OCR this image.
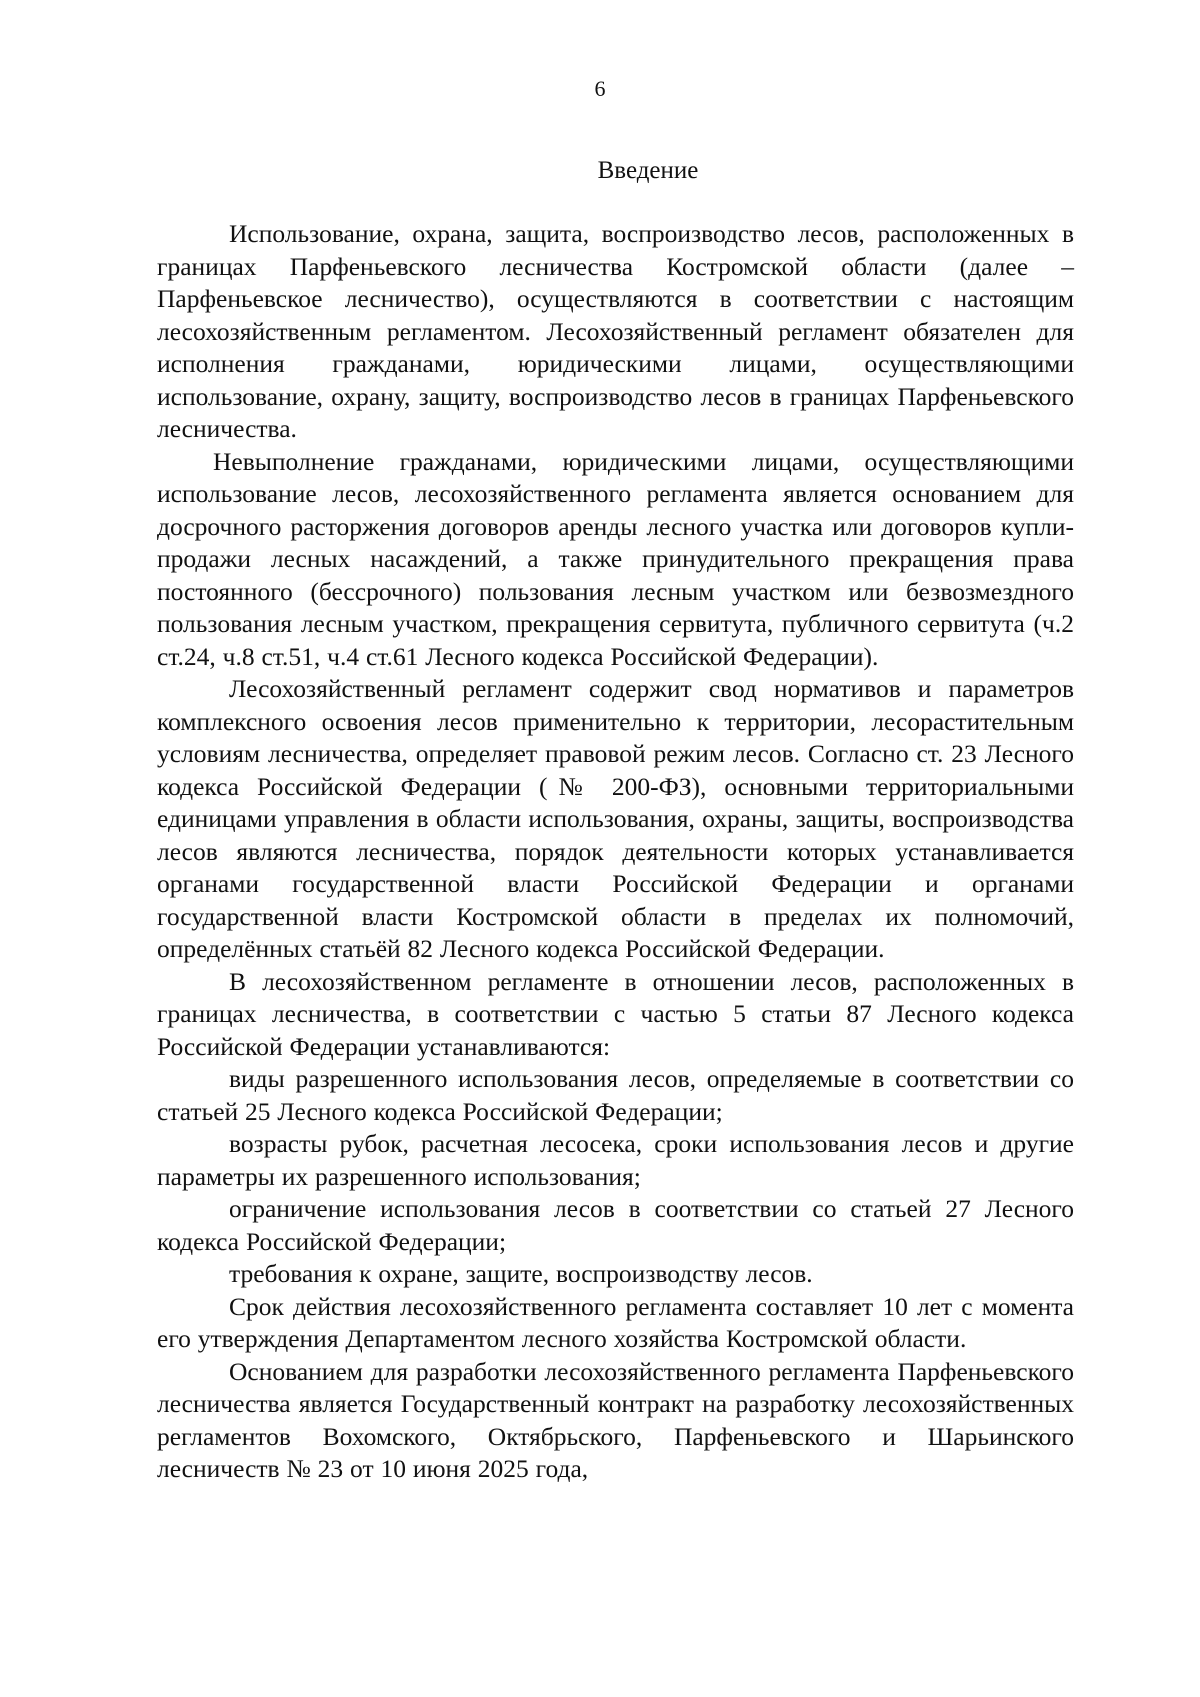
6
Введение

Использование, охрана, защита, воспроизводство лесов, расположенных в границах Парфеньевского лесничества Костромской области (далее – Парфеньевское лесничество), осуществляются в соответствии с настоящим лесохозяйственным регламентом. Лесохозяйственный регламент обязателен для исполнения гражданами, юридическими лицами, осуществляющими использование, охрану, защиту, воспроизводство лесов в границах Парфеньевского лесничества.

Невыполнение гражданами, юридическими лицами, осуществляющими использование лесов, лесохозяйственного регламента является основанием для досрочного расторжения договоров аренды лесного участка или договоров купли-продажи лесных насаждений, а также принудительного прекращения права постоянного (бессрочного) пользования лесным участком или безвозмездного пользования лесным участком, прекращения сервитута, публичного сервитута (ч.2 ст.24, ч.8 ст.51, ч.4 ст.61 Лесного кодекса Российской Федерации).

Лесохозяйственный регламент содержит свод нормативов и параметров комплексного освоения лесов применительно к территории, лесорастительным условиям лесничества, определяет правовой режим лесов. Согласно ст. 23 Лесного кодекса Российской Федерации (№ 200-ФЗ), основными территориальными единицами управления в области использования, охраны, защиты, воспроизводства лесов являются лесничества, порядок деятельности которых устанавливается органами государственной власти Российской Федерации и органами государственной власти Костромской области в пределах их полномочий, определённых статьёй 82 Лесного кодекса Российской Федерации.

В лесохозяйственном регламенте в отношении лесов, расположенных в границах лесничества, в соответствии с частью 5 статьи 87 Лесного кодекса Российской Федерации устанавливаются:

виды разрешенного использования лесов, определяемые в соответствии со статьей 25 Лесного кодекса Российской Федерации;

возрасты рубок, расчетная лесосека, сроки использования лесов и другие параметры их разрешенного использования;

ограничение использования лесов в соответствии со статьей 27 Лесного кодекса Российской Федерации;

требования к охране, защите, воспроизводству лесов.

Срок действия лесохозяйственного регламента составляет 10 лет с момента его утверждения Департаментом лесного хозяйства Костромской области.

Основанием для разработки лесохозяйственного регламента Парфеньевского лесничества является Государственный контракт на разработку лесохозяйственных регламентов Вохомского, Октябрьского, Парфеньевского и Шарьинского лесничеств № 23 от 10 июня 2025 года,
